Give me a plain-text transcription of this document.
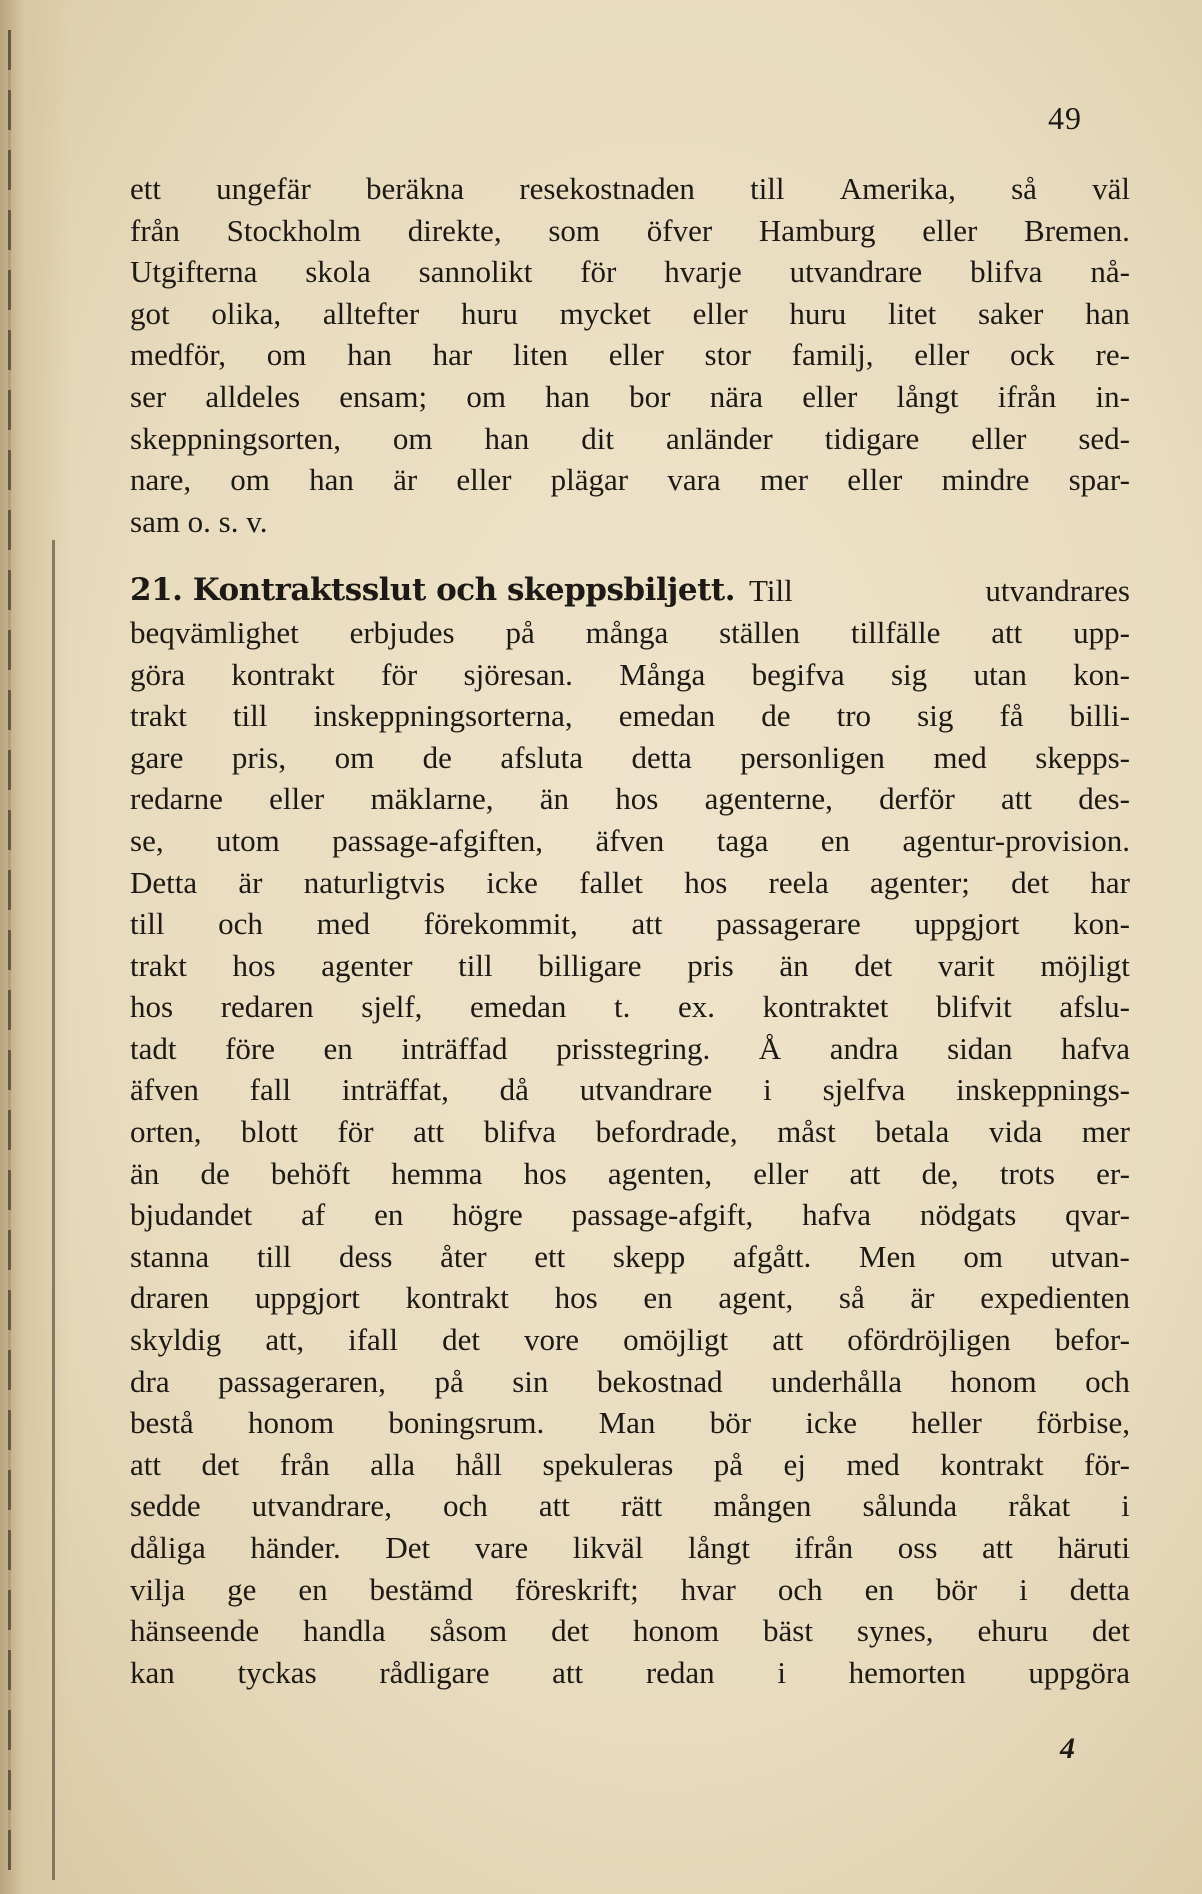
49
ett ungefär beräkna resekostnaden till Amerika, så väl
från Stockholm direkte, som öfver Hamburg eller Bremen.
Utgifterna skola sannolikt för hvarje utvandrare blifva nå-
got olika, alltefter huru mycket eller huru litet saker han
medför, om han har liten eller stor familj, eller ock re-
ser alldeles ensam; om han bor nära eller långt ifrån in-
skeppningsorten, om han dit anländer tidigare eller sed-
nare, om han är eller plägar vara mer eller mindre spar-
sam o. s. v.
21. Kontraktsslut och skeppsbiljett. Till	utvandrares
beqvämlighet erbjudes på många ställen tillfälle att upp-
göra kontrakt för sjöresan. Många begifva sig utan kon-
trakt till inskeppningsorterna, emedan de tro sig få billi-
gare pris, om de afsluta detta personligen med skepps-
redarne eller mäklarne, än hos agenterne, derför att des-
se, utom passage-afgiften, äfven taga en agentur-provision.
Detta är naturligtvis icke fallet hos reela agenter; det har
till och med förekommit, att passagerare uppgjort kon-
trakt hos agenter till billigare pris än det varit möjligt
hos redaren sjelf, emedan t. ex. kontraktet blifvit afslu-
tadt före en inträffad prisstegring. Å andra sidan hafva
äfven fall inträffat, då utvandrare i sjelfva inskeppnings-
orten, blott för att blifva befordrade, måst betala vida mer
än de behöft hemma hos agenten, eller att de, trots er-
bjudandet af en högre passage-afgift, hafva nödgats qvar-
stanna till dess åter ett skepp afgått. Men om utvan-
draren uppgjort kontrakt hos en agent, så är expedienten
skyldig att, ifall det vore omöjligt att ofördröjligen befor-
dra passageraren, på sin bekostnad underhålla honom och
bestå honom boningsrum. Man bör icke heller förbise,
att det från alla håll spekuleras på ej med kontrakt för-
sedde utvandrare, och att rätt mången sålunda råkat i
dåliga händer. Det vare likväl långt ifrån oss att häruti
vilja ge en bestämd föreskrift; hvar och en bör i detta
hänseende handla såsom det honom bäst synes, ehuru det
kan tyckas rådligare att redan i hemorten uppgöra
4
